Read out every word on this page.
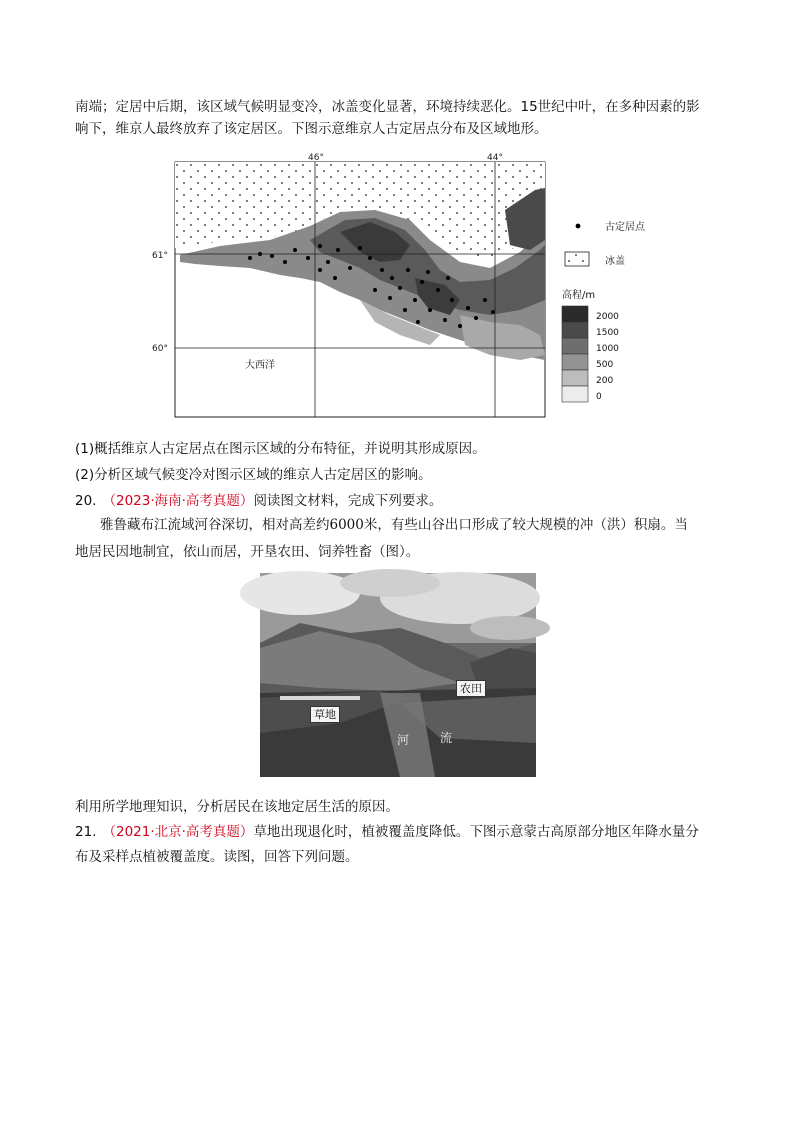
南端；定居中后期，该区域气候明显变冷，冰盖变化显著，环境持续恶化。15世纪中叶，在多种因素的影
响下，维京人最终放弃了该定居区。下图示意维京人古定居点分布及区域地形。
46°	44°
61°
60°
大西洋
古定居点
冰盖
高程/m
2000
1500
1000
500
200
0
(1)概括维京人古定居点在图示区域的分布特征，并说明其形成原因。
(2)分析区域气候变冷对图示区域的维京人古定居区的影响。
20. （2023·海南·高考真题）阅读图文材料，完成下列要求。
雅鲁藏布江流域河谷深切，相对高差约6000米，有些山谷出口形成了较大规模的冲（洪）积扇。当
地居民因地制宜，依山而居，开垦农田、饲养牲畜（图）。
农田
草地
河	流
利用所学地理知识，分析居民在该地定居生活的原因。
21. （2021·北京·高考真题）草地出现退化时，植被覆盖度降低。下图示意蒙古高原部分地区年降水量分
布及采样点植被覆盖度。读图，回答下列问题。
